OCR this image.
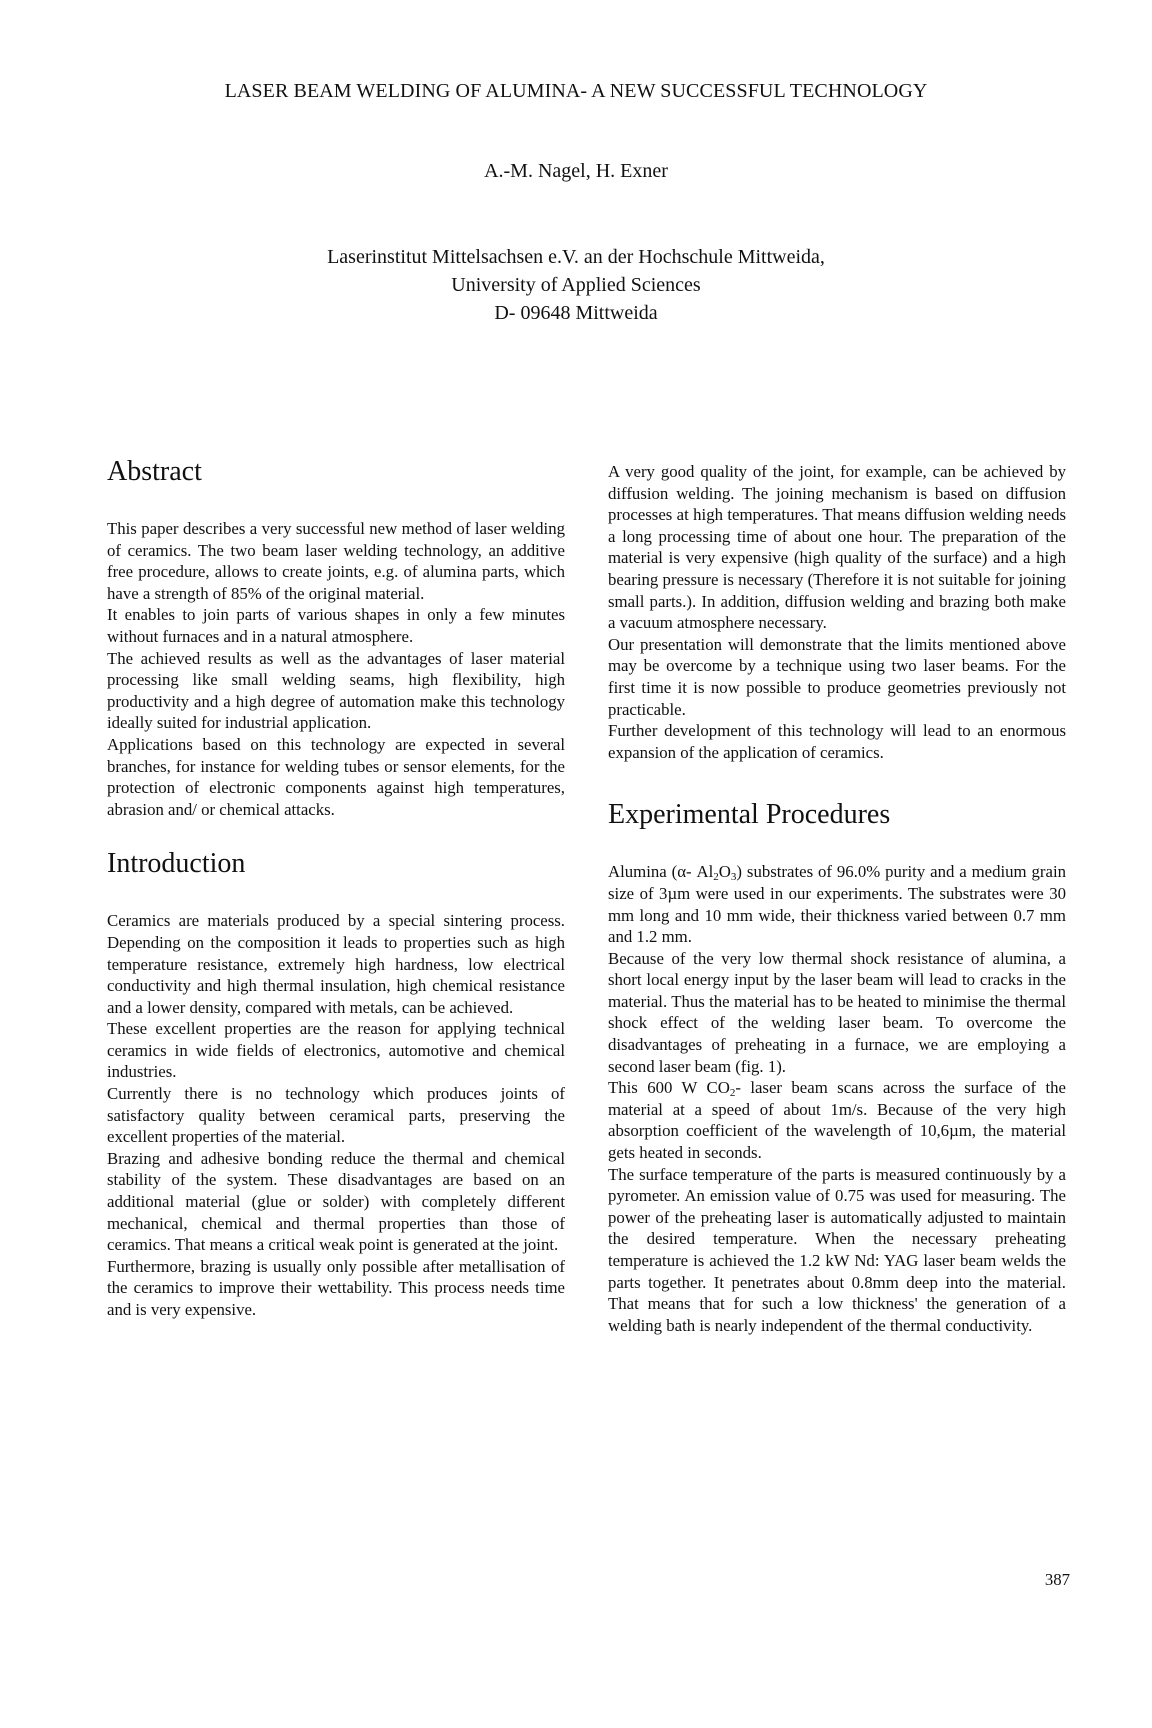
LASER BEAM WELDING OF ALUMINA- A NEW SUCCESSFUL TECHNOLOGY
A.-M. Nagel, H. Exner
Laserinstitut Mittelsachsen e.V. an der Hochschule Mittweida,
University of Applied Sciences
D- 09648 Mittweida
Abstract

This paper describes a very successful new method of laser welding of ceramics. The two beam laser welding technology, an additive free procedure, allows to create joints, e.g. of alumina parts, which have a strength of 85% of the original material.

It enables to join parts of various shapes in only a few minutes without furnaces and in a natural atmosphere.

The achieved results as well as the advantages of laser material processing like small welding seams, high flexibility, high productivity and a high degree of automation make this technology ideally suited for industrial application.

Applications based on this technology are expected in several branches, for instance for welding tubes or sensor elements, for the protection of electronic components against high temperatures, abrasion and/ or chemical attacks.

Introduction

Ceramics are materials produced by a special sintering process. Depending on the composition it leads to properties such as high temperature resistance, extremely high hardness, low electrical conductivity and high thermal insulation, high chemical resistance and a lower density, compared with metals, can be achieved.

These excellent properties are the reason for applying technical ceramics in wide fields of electronics, automotive and chemical industries.

Currently there is no technology which produces joints of satisfactory quality between ceramical parts, preserving the excellent properties of the material.

Brazing and adhesive bonding reduce the thermal and chemical stability of the system. These disadvantages are based on an additional material (glue or solder) with completely different mechanical, chemical and thermal properties than those of ceramics. That means a critical weak point is generated at the joint.

Furthermore, brazing is usually only possible after metallisation of the ceramics to improve their wettability. This process needs time and is very expensive.

A very good quality of the joint, for example, can be achieved by diffusion welding. The joining mechanism is based on diffusion processes at high temperatures. That means diffusion welding needs a long processing time of about one hour. The preparation of the material is very expensive (high quality of the surface) and a high bearing pressure is necessary (Therefore it is not suitable for joining small parts.). In addition, diffusion welding and brazing both make a vacuum atmosphere necessary.

Our presentation will demonstrate that the limits mentioned above may be overcome by a technique using two laser beams. For the first time it is now possible to produce geometries previously not practicable.

Further development of this technology will lead to an enormous expansion of the application of ceramics.

Experimental Procedures

Alumina (α- $Al_2O_3$) substrates of 96.0% purity and a medium grain size of 3µm were used in our experiments. The substrates were 30 mm long and 10 mm wide, their thickness varied between 0.7 mm and 1.2 mm.

Because of the very low thermal shock resistance of alumina, a short local energy input by the laser beam will lead to cracks in the material. Thus the material has to be heated to minimise the thermal shock effect of the welding laser beam. To overcome the disadvantages of preheating in a furnace, we are employing a second laser beam (fig. 1).

This 600 W $CO_2-$ laser beam scans across the surface of the material at a speed of about 1m/s. Because of the very high absorption coefficient of the wavelength of 10,6µm, the material gets heated in seconds.

The surface temperature of the parts is measured continuously by a pyrometer. An emission value of 0.75 was used for measuring. The power of the preheating laser is automatically adjusted to maintain the desired temperature. When the necessary preheating temperature is achieved the 1.2 kW Nd: YAG laser beam welds the parts together. It penetrates about 0.8mm deep into the material. That means that for such a low thickness' the generation of a welding bath is nearly independent of the thermal conductivity.

387
